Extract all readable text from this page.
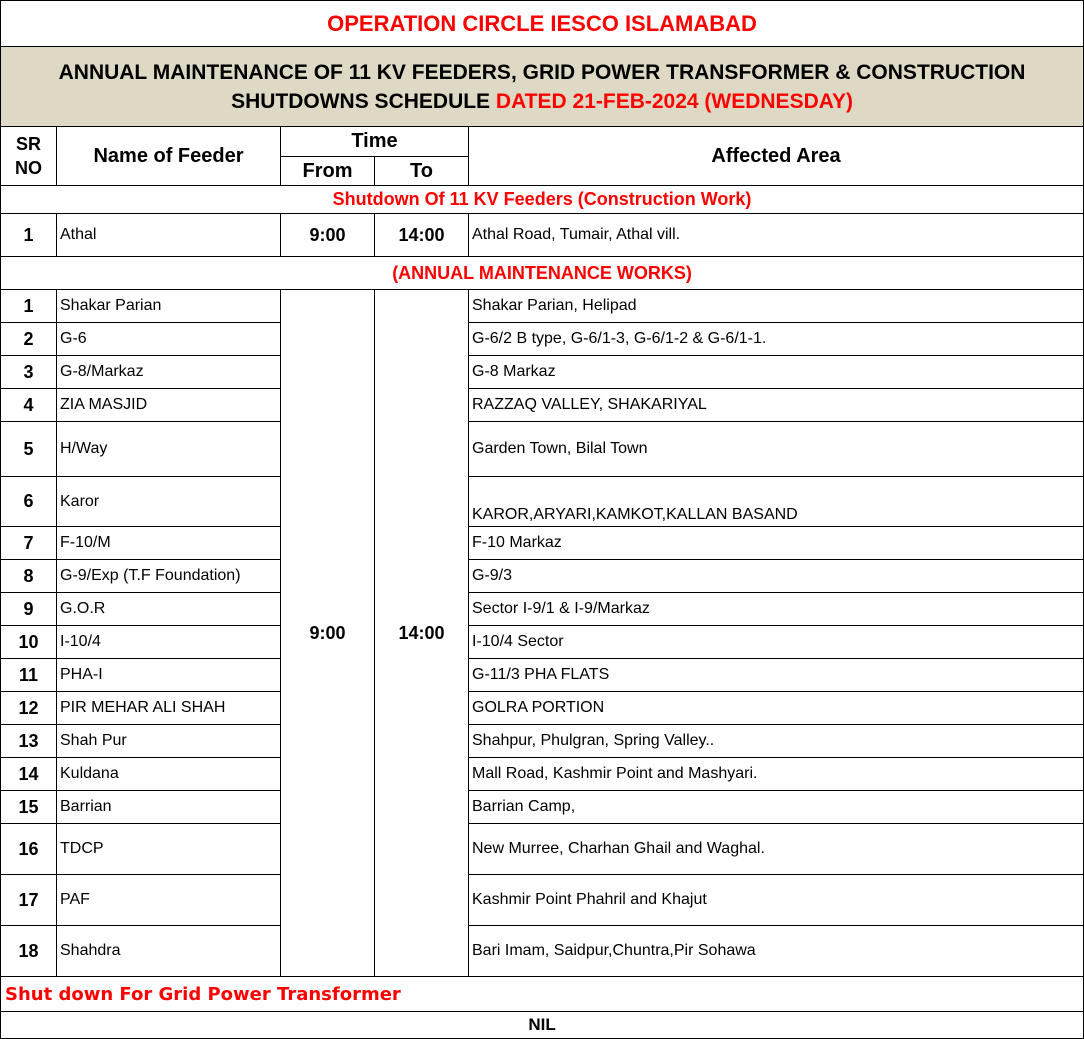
OPERATION CIRCLE IESCO ISLAMABAD				

ANNUAL MAINTENANCE OF 11 KV FEEDERS, GRID POWER TRANSFORMER & CONSTRUCTION
SHUTDOWNS SCHEDULE DATED 21-FEB-2024 (WEDNESDAY)				

SR
NO	Name of Feeder	Time		Affected Area
		From	To	
Shutdown Of 11 KV Feeders (Construction Work)				
1	Athal	9:00	14:00	Athal Road, Tumair, Athal vill.
(ANNUAL MAINTENANCE WORKS)				
1	Shakar Parian	9:00	14:00	Shakar Parian, Helipad
2	G-6			G-6/2 B type, G-6/1-3, G-6/1-2 & G-6/1-1.
3	G-8/Markaz			G-8 Markaz
4	ZIA MASJID			RAZZAQ VALLEY, SHAKARIYAL
5	H/Way			Garden Town, Bilal Town
6	Karor			KAROR,ARYARI,KAMKOT,KALLAN BASAND
7	F-10/M			F-10 Markaz
8	G-9/Exp (T.F Foundation)			G-9/3
9	G.O.R			Sector I-9/1 & I-9/Markaz
10	I-10/4			I-10/4 Sector
11	PHA-I			G-11/3 PHA FLATS
12	PIR MEHAR ALI SHAH			GOLRA PORTION
13	Shah Pur			Shahpur, Phulgran, Spring Valley..
14	Kuldana			Mall Road, Kashmir Point and Mashyari.
15	Barrian			Barrian Camp,
16	TDCP			New Murree, Charhan Ghail and Waghal.
17	PAF			Kashmir Point Phahril and Khajut
18	Shahdra			Bari Imam, Saidpur,Chuntra,Pir Sohawa
Shut down For Grid Power Transformer				
NIL				
